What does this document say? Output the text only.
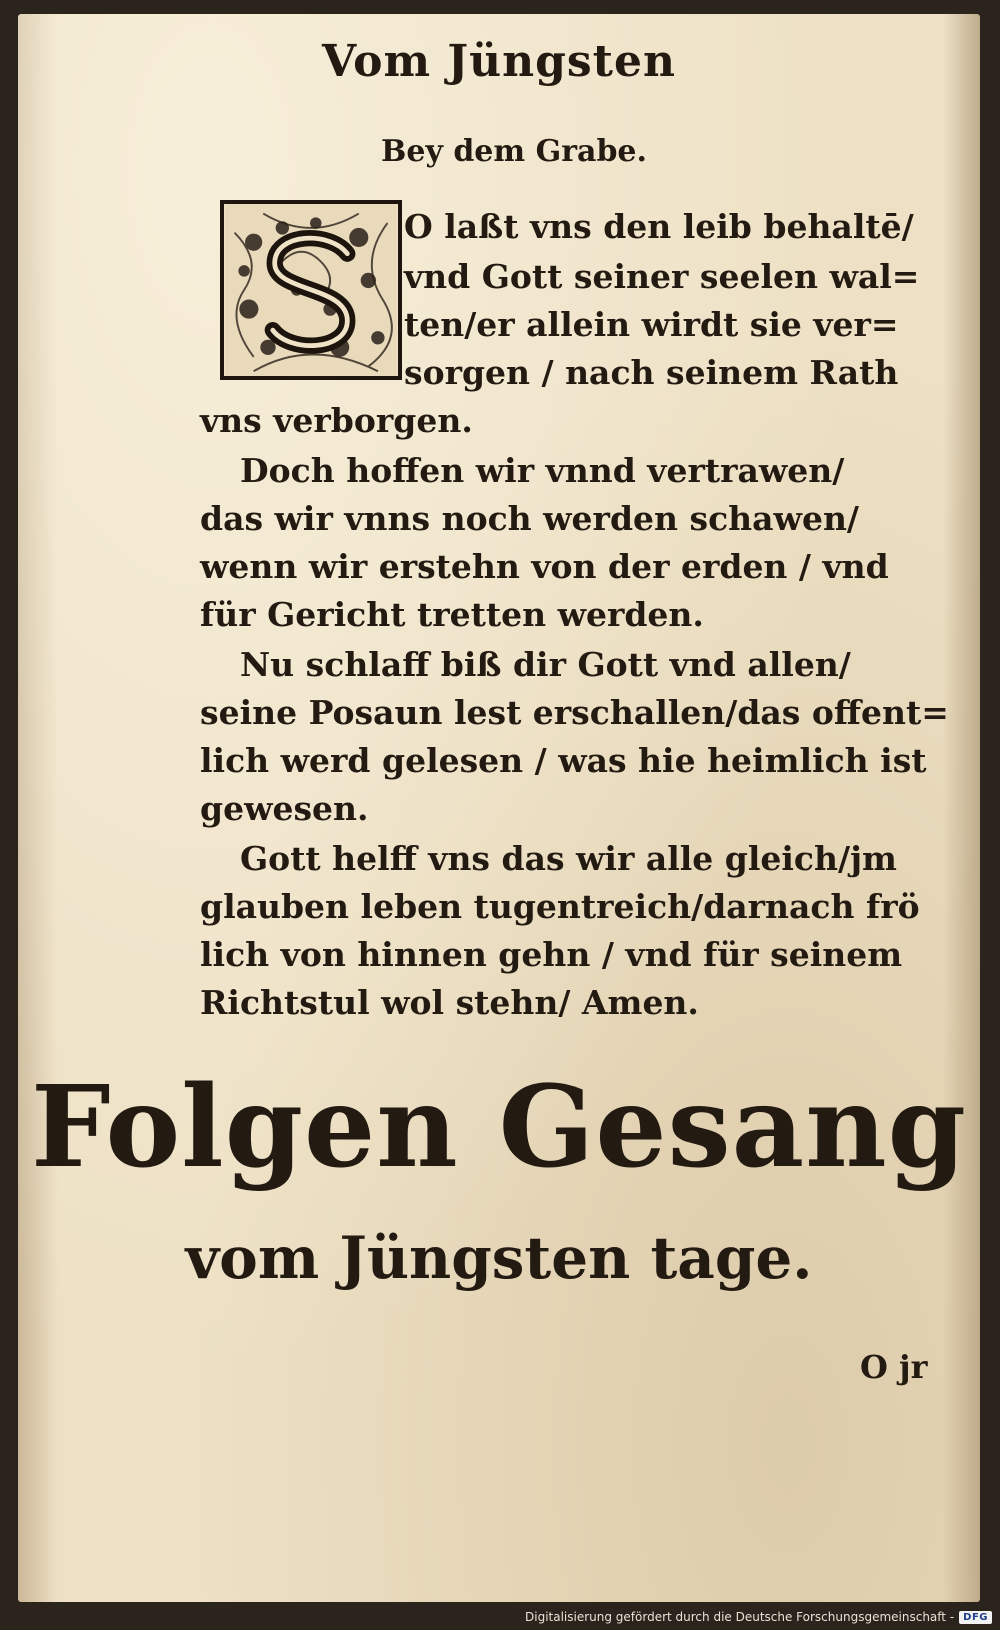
Vom Jüngsten
Bey dem Grabe.
O laßt vns den leib behaltē/
vnd Gott seiner seelen wal=
ten/er allein wirdt sie ver=
sorgen / nach seinem Rath
vns verborgen.
Doch hoffen wir vnnd vertrawen/
das wir vnns noch werden schawen/
wenn wir erstehn von der erden / vnd
für Gericht tretten werden.
Nu schlaff biß dir Gott vnd allen/
seine Posaun lest erschallen/das offent=
lich werd gelesen / was hie heimlich ist
gewesen.
Gott helff vns das wir alle gleich/jm
glauben leben tugentreich/darnach frö
lich von hinnen gehn / vnd für seinem
Richtstul wol stehn/ Amen.
Folgen Gesang
vom Jüngsten tage.
O jr
Digitalisierung gefördert durch die Deutsche Forschungsgemeinschaft - DFG
